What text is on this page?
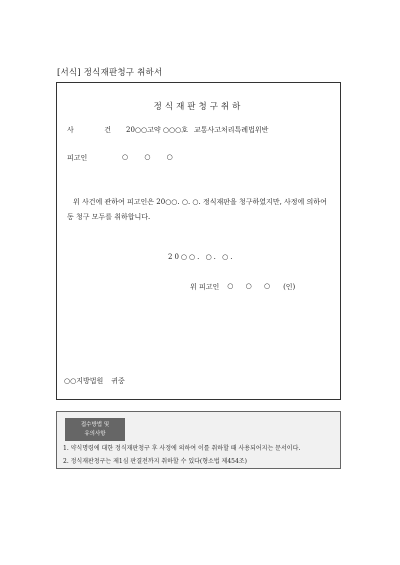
[서식] 정식재판청구 취하서
정식재판청구취하
사	건 20○○고약 ○○○호 교통사고처리특례법위반
피고인	○ ○ ○
위 사건에 관하여 피고인은 20○○. ○. ○. 정식재판을 청구하였지만, 사정에 의하여 동 청구 모두를 취하합니다.
20○○. ○. ○.
위 피고인 ○ ○ ○ (인)
○○지방법원 귀중
접수방법 및
유의사항
1. 약식명령에 대한 정식재판청구 후 사정에 의하여 이를 취하할 때 사용되어지는 문서이다.
2. 정식재판청구는 제1심 판결전까지 취하할 수 있다(형소법 제454조)
